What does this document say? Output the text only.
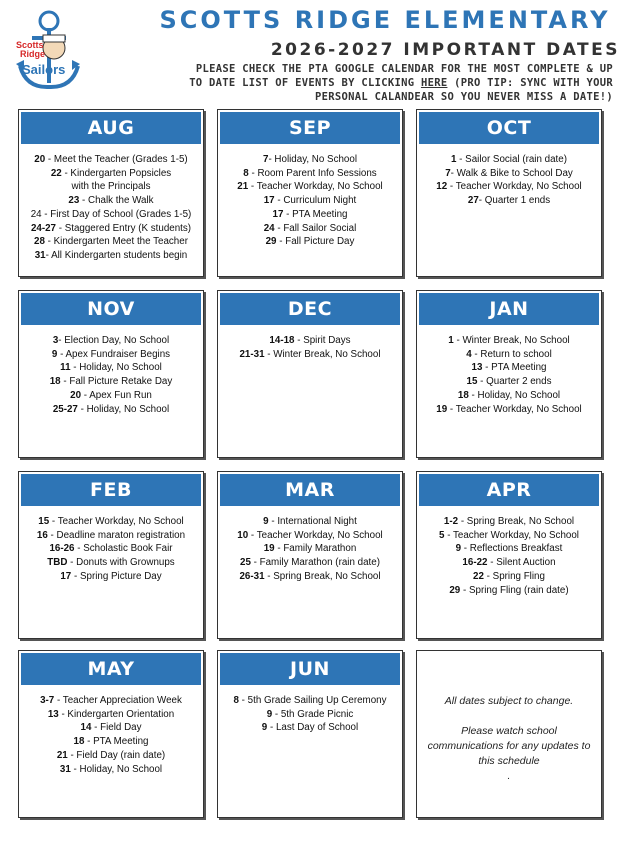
Scotts
Ridge
Sailors
SCOTTS RIDGE ELEMENTARY
2026-2027 IMPORTANT DATES
PLEASE CHECK THE PTA GOOGLE CALENDAR FOR THE MOST COMPLETE & UP
TO DATE LIST OF EVENTS BY CLICKING HERE (PRO TIP: SYNC WITH YOUR
PERSONAL CALANDEAR SO YOU NEVER MISS A DATE!)
AUG
20 - Meet the Teacher (Grades 1-5)
22 - Kindergarten Popsicles
with the Principals
23 - Chalk the Walk
24 - First Day of School (Grades 1-5)
24-27 - Staggered Entry (K students)
28 - Kindergarten Meet the Teacher
31- All Kindergarten students begin
SEP
7- Holiday, No School
8 - Room Parent Info Sessions
21 - Teacher Workday, No School
17 - Curriculum Night
17 - PTA Meeting
24 - Fall Sailor Social
29 - Fall Picture Day
OCT
1 - Sailor Social (rain date)
7- Walk & Bike to School Day
12 - Teacher Workday, No School
27- Quarter 1 ends
NOV
3- Election Day, No School
9 - Apex Fundraiser Begins
11 - Holiday, No School
18 - Fall Picture Retake Day
20 - Apex Fun Run
25-27 - Holiday, No School
DEC
14-18 - Spirit Days
21-31 - Winter Break, No School
JAN
1 - Winter Break, No School
4 - Return to school
13 - PTA Meeting
15 - Quarter 2 ends
18 - Holiday, No School
19 - Teacher Workday, No School
FEB
15 - Teacher Workday, No School
16 - Deadline maraton registration
16-26 - Scholastic Book Fair
TBD - Donuts with Grownups
17 - Spring Picture Day
MAR
9 - International Night
10 - Teacher Workday, No School
19 - Family Marathon
25 - Family Marathon (rain date)
26-31 - Spring Break, No School
APR
1-2 - Spring Break, No School
5 - Teacher Workday, No School
9 - Reflections Breakfast
16-22 - Silent Auction
22 - Spring Fling
29 - Spring Fling (rain date)
MAY
3-7 - Teacher Appreciation Week
13 - Kindergarten Orientation
14 - Field Day
18 - PTA Meeting
21 - Field Day (rain date)
31 - Holiday, No School
JUN
8 - 5th Grade Sailing Up Ceremony
9 - 5th Grade Picnic
9 - Last Day of School
All dates subject to change.
Please watch school communications for any updates to this schedule
.
